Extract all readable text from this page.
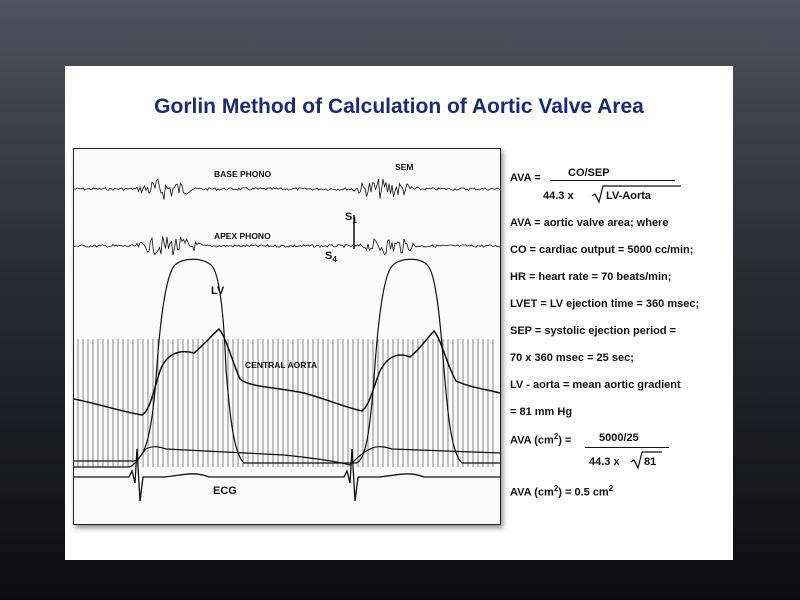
Gorlin Method of Calculation of Aortic Valve Area
BASE PHONO
SEM
$S_1$
APEX PHONO
$S_4$
LV
CENTRAL AORTA
ECG
AVA = CO/SEP
44.3 x	LV-Aorta
AVA = aortic valve area; where
CO = cardiac output = 5000 cc/min;
HR = heart rate = 70 beats/min;
LVET = LV ejection time = 360 msec;
SEP = systolic ejection period =
70 x 360 msec = 25 sec;
LV - aorta = mean aortic gradient
= 81 mm Hg
AVA $(cm^2)$ =	5000/25
44.3 x 81
AVA $(cm^2) = 0.5$ $cm^2$
